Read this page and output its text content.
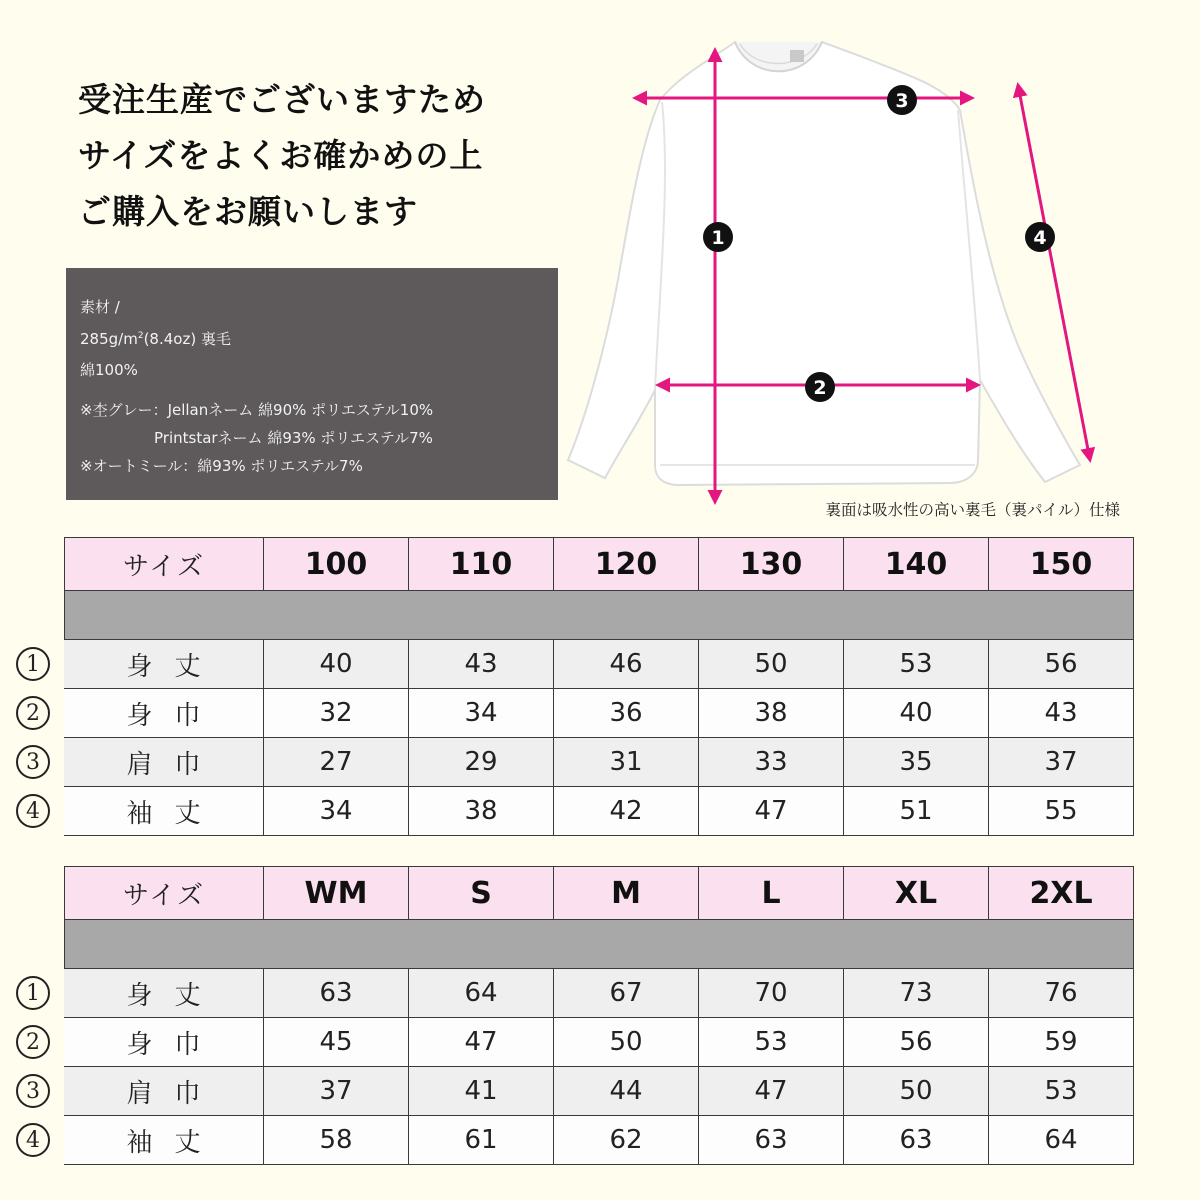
受注生産でございますため
サイズをよくお確かめの上
ご購入をお願いします
素材 /
$285g/m^2(8.4oz)$ 裏毛
綿100%
※杢グレー：Jellanネーム 綿90% ポリエステル10%
Printstarネーム 綿93% ポリエステル7%
※オートミール：綿93% ポリエステル7%
1
2
3
4
裏面は吸水性の高い裏毛（裏パイル）仕様
サイズ	100	110	120	130	140	150
1	身丈	40	43	46	50	53	56
2	身巾	32	34	36	38	40	43
3	肩巾	27	29	31	33	35	37
4	袖丈	34	38	42	47	51	55
サイズ	WM	S	M	L	XL	2XL
1	身丈	63	64	67	70	73	76
2	身巾	45	47	50	53	56	59
3	肩巾	37	41	44	47	50	53
4	袖丈	58	61	62	63	63	64
